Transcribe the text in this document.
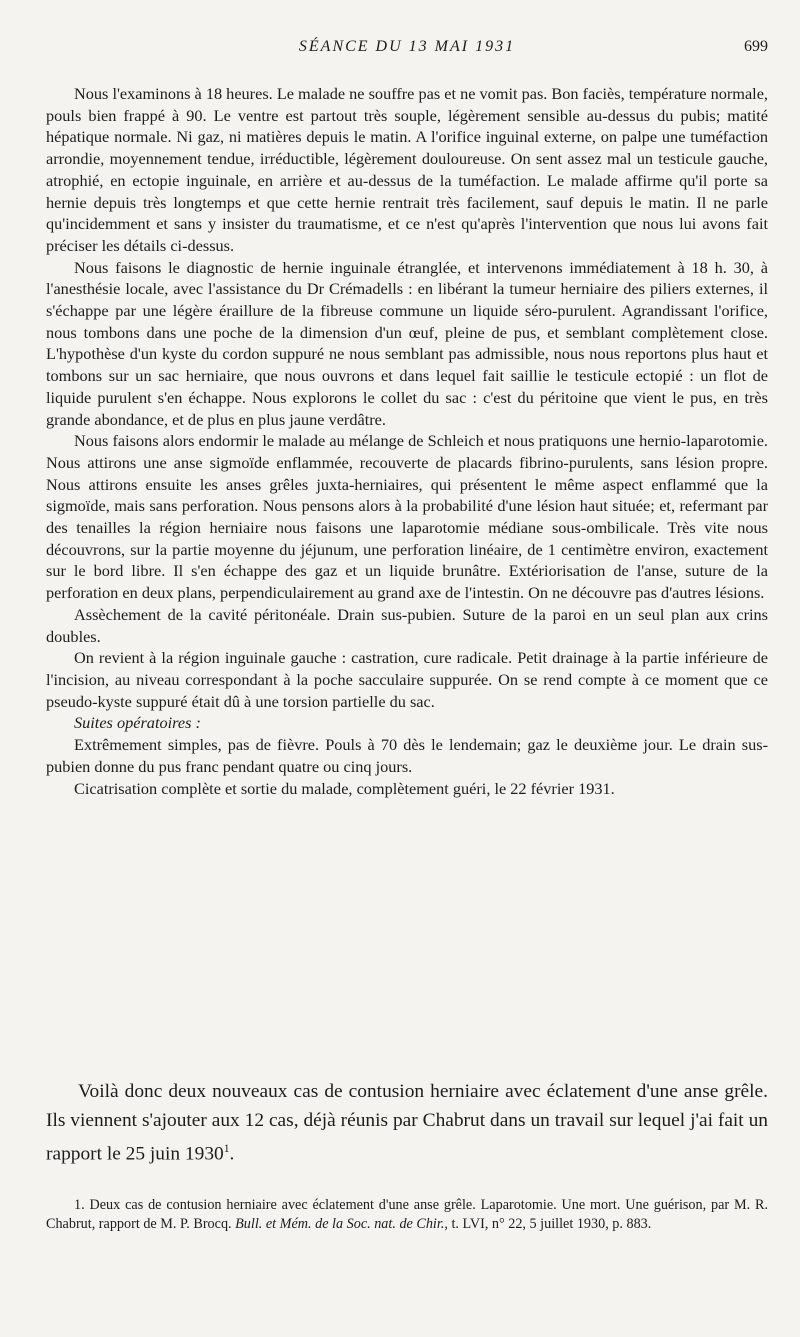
SÉANCE DU 13 MAI 1931	699

Nous l'examinons à 18 heures. Le malade ne souffre pas et ne vomit pas. Bon faciès, température normale, pouls bien frappé à 90. Le ventre est partout très souple, légèrement sensible au-dessus du pubis; matité hépatique normale. Ni gaz, ni matières depuis le matin. A l'orifice inguinal externe, on palpe une tuméfaction arrondie, moyennement tendue, irréductible, légèrement douloureuse. On sent assez mal un testicule gauche, atrophié, en ectopie inguinale, en arrière et au-dessus de la tuméfaction. Le malade affirme qu'il porte sa hernie depuis très longtemps et que cette hernie rentrait très facilement, sauf depuis le matin. Il ne parle qu'incidemment et sans y insister du traumatisme, et ce n'est qu'après l'intervention que nous lui avons fait préciser les détails ci-dessus.

Nous faisons le diagnostic de hernie inguinale étranglée, et intervenons immédiatement à 18 h. 30, à l'anesthésie locale, avec l'assistance du Dr Crémadells : en libérant la tumeur herniaire des piliers externes, il s'échappe par une légère éraillure de la fibreuse commune un liquide séro-purulent. Agrandissant l'orifice, nous tombons dans une poche de la dimension d'un œuf, pleine de pus, et semblant complètement close. L'hypothèse d'un kyste du cordon suppuré ne nous semblant pas admissible, nous nous reportons plus haut et tombons sur un sac herniaire, que nous ouvrons et dans lequel fait saillie le testicule ectopié : un flot de liquide purulent s'en échappe. Nous explorons le collet du sac : c'est du péritoine que vient le pus, en très grande abondance, et de plus en plus jaune verdâtre.

Nous faisons alors endormir le malade au mélange de Schleich et nous pratiquons une hernio-laparotomie. Nous attirons une anse sigmoïde enflammée, recouverte de placards fibrino-purulents, sans lésion propre. Nous attirons ensuite les anses grêles juxta-herniaires, qui présentent le même aspect enflammé que la sigmoïde, mais sans perforation. Nous pensons alors à la probabilité d'une lésion haut située; et, refermant par des tenailles la région herniaire nous faisons une laparotomie médiane sous-ombilicale. Très vite nous découvrons, sur la partie moyenne du jéjunum, une perforation linéaire, de 1 centimètre environ, exactement sur le bord libre. Il s'en échappe des gaz et un liquide brunâtre. Extériorisation de l'anse, suture de la perforation en deux plans, perpendiculairement au grand axe de l'intestin. On ne découvre pas d'autres lésions.

Assèchement de la cavité péritonéale. Drain sus-pubien. Suture de la paroi en un seul plan aux crins doubles.

On revient à la région inguinale gauche : castration, cure radicale. Petit drainage à la partie inférieure de l'incision, au niveau correspondant à la poche sacculaire suppurée. On se rend compte à ce moment que ce pseudo-kyste suppuré était dû à une torsion partielle du sac.

Suites opératoires :

Extrêmement simples, pas de fièvre. Pouls à 70 dès le lendemain; gaz le deuxième jour. Le drain sus-pubien donne du pus franc pendant quatre ou cinq jours.

Cicatrisation complète et sortie du malade, complètement guéri, le 22 février 1931.

Voilà donc deux nouveaux cas de contusion herniaire avec éclatement d'une anse grêle. Ils viennent s'ajouter aux 12 cas, déjà réunis par Chabrut dans un travail sur lequel j'ai fait un rapport le 25 juin 1930$^1$.

1. Deux cas de contusion herniaire avec éclatement d'une anse grêle. Laparotomie. Une mort. Une guérison, par M. R. Chabrut, rapport de M. P. Brocq. Bull. et Mém. de la Soc. nat. de Chir., t. LVI, n° 22, 5 juillet 1930, p. 883.
